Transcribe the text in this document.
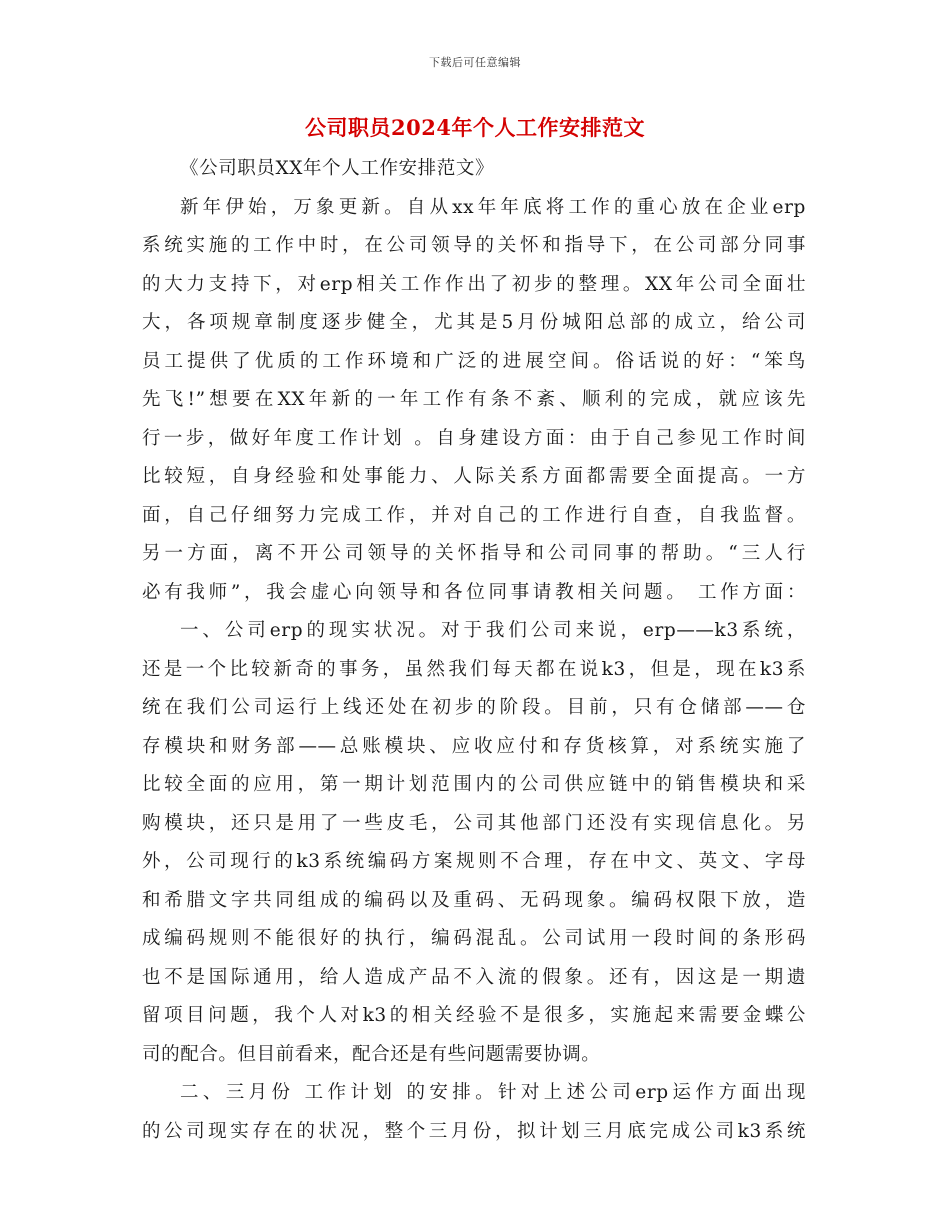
下载后可任意编辑
公司职员2024年个人工作安排范文
《公司职员XX年个人工作安排范文》
新年伊始，万象更新。自从xx年年底将工作的重心放在企业erp
系统实施的工作中时，在公司领导的关怀和指导下，在公司部分同事
的大力支持下，对erp相关工作作出了初步的整理。XX年公司全面壮
大，各项规章制度逐步健全，尤其是5月份城阳总部的成立，给公司
员工提供了优质的工作环境和广泛的进展空间。俗话说的好：“笨鸟
先飞!”想要在XX年新的一年工作有条不紊、顺利的完成，就应该先
行一步，做好年度工作计划 。自身建设方面：由于自己参见工作时间
比较短，自身经验和处事能力、人际关系方面都需要全面提高。一方
面，自己仔细努力完成工作，并对自己的工作进行自查，自我监督。
另一方面，离不开公司领导的关怀指导和公司同事的帮助。“三人行
必有我师”，我会虚心向领导和各位同事请教相关问题。 工作方面：
一、公司erp的现实状况。对于我们公司来说，erp——k3系统，
还是一个比较新奇的事务，虽然我们每天都在说k3，但是，现在k3系
统在我们公司运行上线还处在初步的阶段。目前，只有仓储部——仓
存模块和财务部——总账模块、应收应付和存货核算，对系统实施了
比较全面的应用，第一期计划范围内的公司供应链中的销售模块和采
购模块，还只是用了一些皮毛，公司其他部门还没有实现信息化。另
外，公司现行的k3系统编码方案规则不合理，存在中文、英文、字母
和希腊文字共同组成的编码以及重码、无码现象。编码权限下放，造
成编码规则不能很好的执行，编码混乱。公司试用一段时间的条形码
也不是国际通用，给人造成产品不入流的假象。还有，因这是一期遗
留项目问题，我个人对k3的相关经验不是很多，实施起来需要金蝶公
司的配合。但目前看来，配合还是有些问题需要协调。
二、三月份 工作计划 的安排。针对上述公司erp运作方面出现
的公司现实存在的状况，整个三月份，拟计划三月底完成公司k3系统
